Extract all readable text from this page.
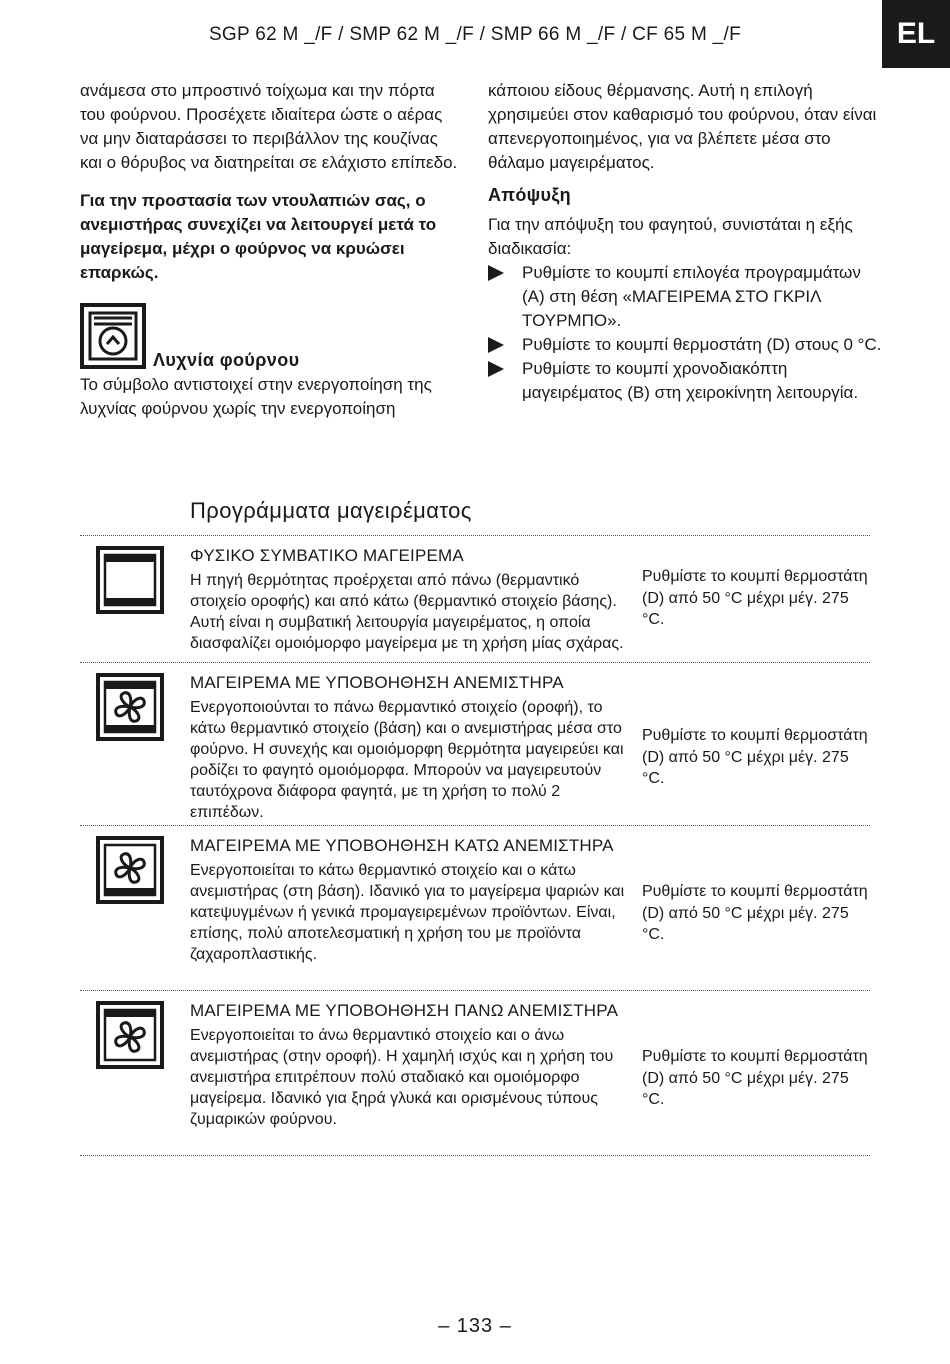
SGP 62 M _/F / SMP 62 M _/F / SMP 66 M _/F / CF 65 M _/F	EL

ανάμεσα στο μπροστινό τοίχωμα και την πόρτα του φούρνου. Προσέχετε ιδιαίτερα ώστε ο αέρας να μην διαταράσσει το περιβάλλον της κουζίνας και ο θόρυβος να διατηρείται σε ελάχιστο επίπεδο.

Για την προστασία των ντουλαπιών σας, ο ανεμιστήρας συνεχίζει να λειτουργεί μετά το μαγείρεμα, μέχρι ο φούρνος να κρυώσει επαρκώς.

Λυχνία φούρνου

Το σύμβολο αντιστοιχεί στην ενεργοποίηση της λυχνίας φούρνου χωρίς την ενεργοποίηση

κάποιου είδους θέρμανσης. Αυτή η επιλογή χρησιμεύει στον καθαρισμό του φούρνου, όταν είναι απενεργοποιημένος, για να βλέπετε μέσα στο θάλαμο μαγειρέματος.

Απόψυξη

Για την απόψυξη του φαγητού, συνιστάται η εξής διαδικασία:

Ρυθμίστε το κουμπί επιλογέα προγραμμάτων (A) στη θέση «ΜΑΓΕΙΡΕΜΑ ΣΤΟ ΓΚΡΙΛ ΤΟΥΡΜΠΟ».
Ρυθμίστε το κουμπί θερμοστάτη (D) στους 0 °C.
Ρυθμίστε το κουμπί χρονοδιακόπτη μαγειρέματος (B) στη χειροκίνητη λειτουργία.
Προγράμματα μαγειρέματος
ΦΥΣΙΚΟ ΣΥΜΒΑΤΙΚΟ ΜΑΓΕΙΡΕΜΑ
Η πηγή θερμότητας προέρχεται από πάνω (θερμαντικό στοιχείο οροφής) και από κάτω (θερμαντικό στοιχείο βάσης). Αυτή είναι η συμβατική λειτουργία μαγειρέματος, η οποία διασφαλίζει ομοιόμορφο μαγείρεμα με τη χρήση μίας σχάρας.
Ρυθμίστε το κουμπί θερμοστάτη (D) από 50 °C μέχρι μέγ. 275 °C.
ΜΑΓΕΙΡΕΜΑ ΜΕ ΥΠΟΒΟΗΘΗΣΗ ΑΝΕΜΙΣΤΗΡΑ
Ενεργοποιούνται το πάνω θερμαντικό στοιχείο (οροφή), το κάτω θερμαντικό στοιχείο (βάση) και ο ανεμιστήρας μέσα στο φούρνο. Η συνεχής και ομοιόμορφη θερμότητα μαγειρεύει και ροδίζει το φαγητό ομοιόμορφα. Μπορούν να μαγειρευτούν ταυτόχρονα διάφορα φαγητά, με τη χρήση το πολύ 2 επιπέδων.
Ρυθμίστε το κουμπί θερμοστάτη (D) από 50 °C μέχρι μέγ. 275 °C.
ΜΑΓΕΙΡΕΜΑ ΜΕ ΥΠΟΒΟΗΘΗΣΗ ΚΑΤΩ ΑΝΕΜΙΣΤΗΡΑ
Ενεργοποιείται το κάτω θερμαντικό στοιχείο και ο κάτω ανεμιστήρας (στη βάση). Ιδανικό για το μαγείρεμα ψαριών και κατεψυγμένων ή γενικά προμαγειρεμένων προϊόντων. Είναι, επίσης, πολύ αποτελεσματική η χρήση του με προϊόντα ζαχαροπλαστικής.
Ρυθμίστε το κουμπί θερμοστάτη (D) από 50 °C μέχρι μέγ. 275 °C.
ΜΑΓΕΙΡΕΜΑ ΜΕ ΥΠΟΒΟΗΘΗΣΗ ΠΑΝΩ ΑΝΕΜΙΣΤΗΡΑ
Ενεργοποιείται το άνω θερμαντικό στοιχείο και ο άνω ανεμιστήρας (στην οροφή). Η χαμηλή ισχύς και η χρήση του ανεμιστήρα επιτρέπουν πολύ σταδιακό και ομοιόμορφο μαγείρεμα. Ιδανικό για ξηρά γλυκά και ορισμένους τύπους ζυμαρικών φούρνου.
Ρυθμίστε το κουμπί θερμοστάτη (D) από 50 °C μέχρι μέγ. 275 °C.
– 133 –
